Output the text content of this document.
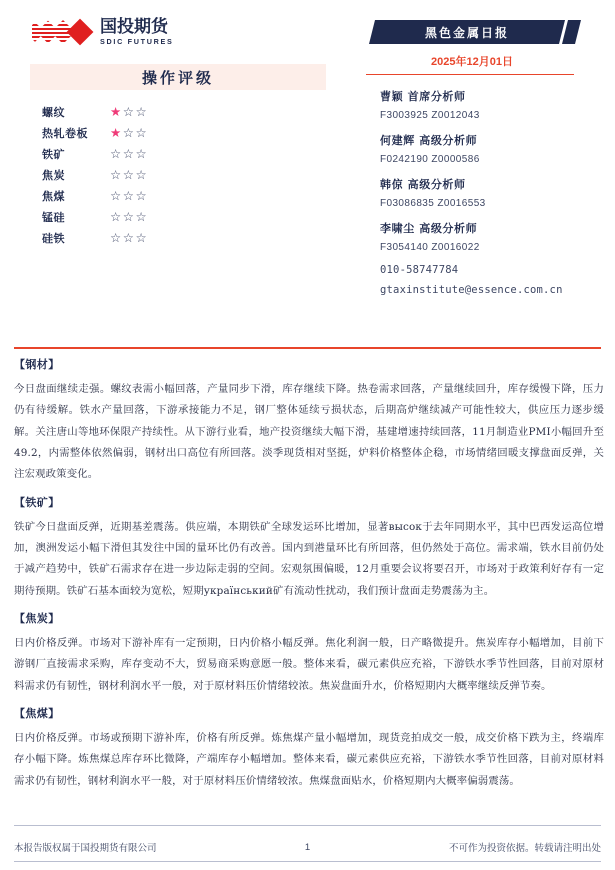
国投期货
SDIC FUTURES
操作评级
螺纹	★☆☆
热轧卷板	★☆☆
铁矿	☆☆☆
焦炭	☆☆☆
焦煤	☆☆☆
锰硅	☆☆☆
硅铁	☆☆☆
黑色金属日报
2025年12月01日
曹颖 首席分析师
F3003925 Z0012043
何建辉 高级分析师
F0242190 Z0000586
韩倞 高级分析师
F03086835 Z0016553
李啸尘 高级分析师
F3054140 Z0016022
010-58747784
gtaxinstitute@essence.com.cn
【钢材】
今日盘面继续走强。螺纹表需小幅回落，产量同步下滑，库存继续下降。热卷需求回落，产量继续回升，库存缓慢下降，压力仍有待缓解。铁水产量回落，下游承接能力不足，钢厂整体延续亏损状态，后期高炉继续减产可能性较大，供应压力逐步缓解。关注唐山等地环保限产持续性。从下游行业看，地产投资继续大幅下滑，基建增速持续回落，11月制造业PMI小幅回升至49.2，内需整体依然偏弱，钢材出口高位有所回落。淡季现货相对坚挺，炉料价格整体企稳，市场情绪回暖支撑盘面反弹，关注宏观政策变化。
【铁矿】
铁矿今日盘面反弹，近期基差震荡。供应端，本期铁矿全球发运环比增加，显著высок于去年同期水平，其中巴西发运高位增加，澳洲发运小幅下滑但其发往中国的量环比仍有改善。国内到港量环比有所回落，但仍然处于高位。需求端，铁水目前仍处于减产趋势中，铁矿石需求存在进一步边际走弱的空间。宏观氛围偏暖，12月重要会议将要召开，市场对于政策利好存有一定期待预期。铁矿石基本面较为宽松，短期український矿有流动性扰动，我们预计盘面走势震荡为主。
【焦炭】
日内价格反弹。市场对下游补库有一定预期，日内价格小幅反弹。焦化利润一般，日产略微提升。焦炭库存小幅增加，目前下游钢厂直接需求采购，库存变动不大，贸易商采购意愿一般。整体来看，碳元素供应充裕，下游铁水季节性回落，目前对原材料需求仍有韧性，钢材利润水平一般，对于原材料压价情绪较浓。焦炭盘面升水，价格短期内大概率继续反弹节奏。
【焦煤】
日内价格反弹。市场或预期下游补库，价格有所反弹。炼焦煤产量小幅增加，现货竞拍成交一般，成交价格下跌为主，终端库存小幅下降。炼焦煤总库存环比微降，产端库存小幅增加。整体来看，碳元素供应充裕，下游铁水季节性回落，目前对原材料需求仍有韧性，钢材利润水平一般，对于原材料压价情绪较浓。焦煤盘面贴水，价格短期内大概率偏弱震荡。
本报告版权属于国投期货有限公司	1	不可作为投资依据。转载请注明出处
